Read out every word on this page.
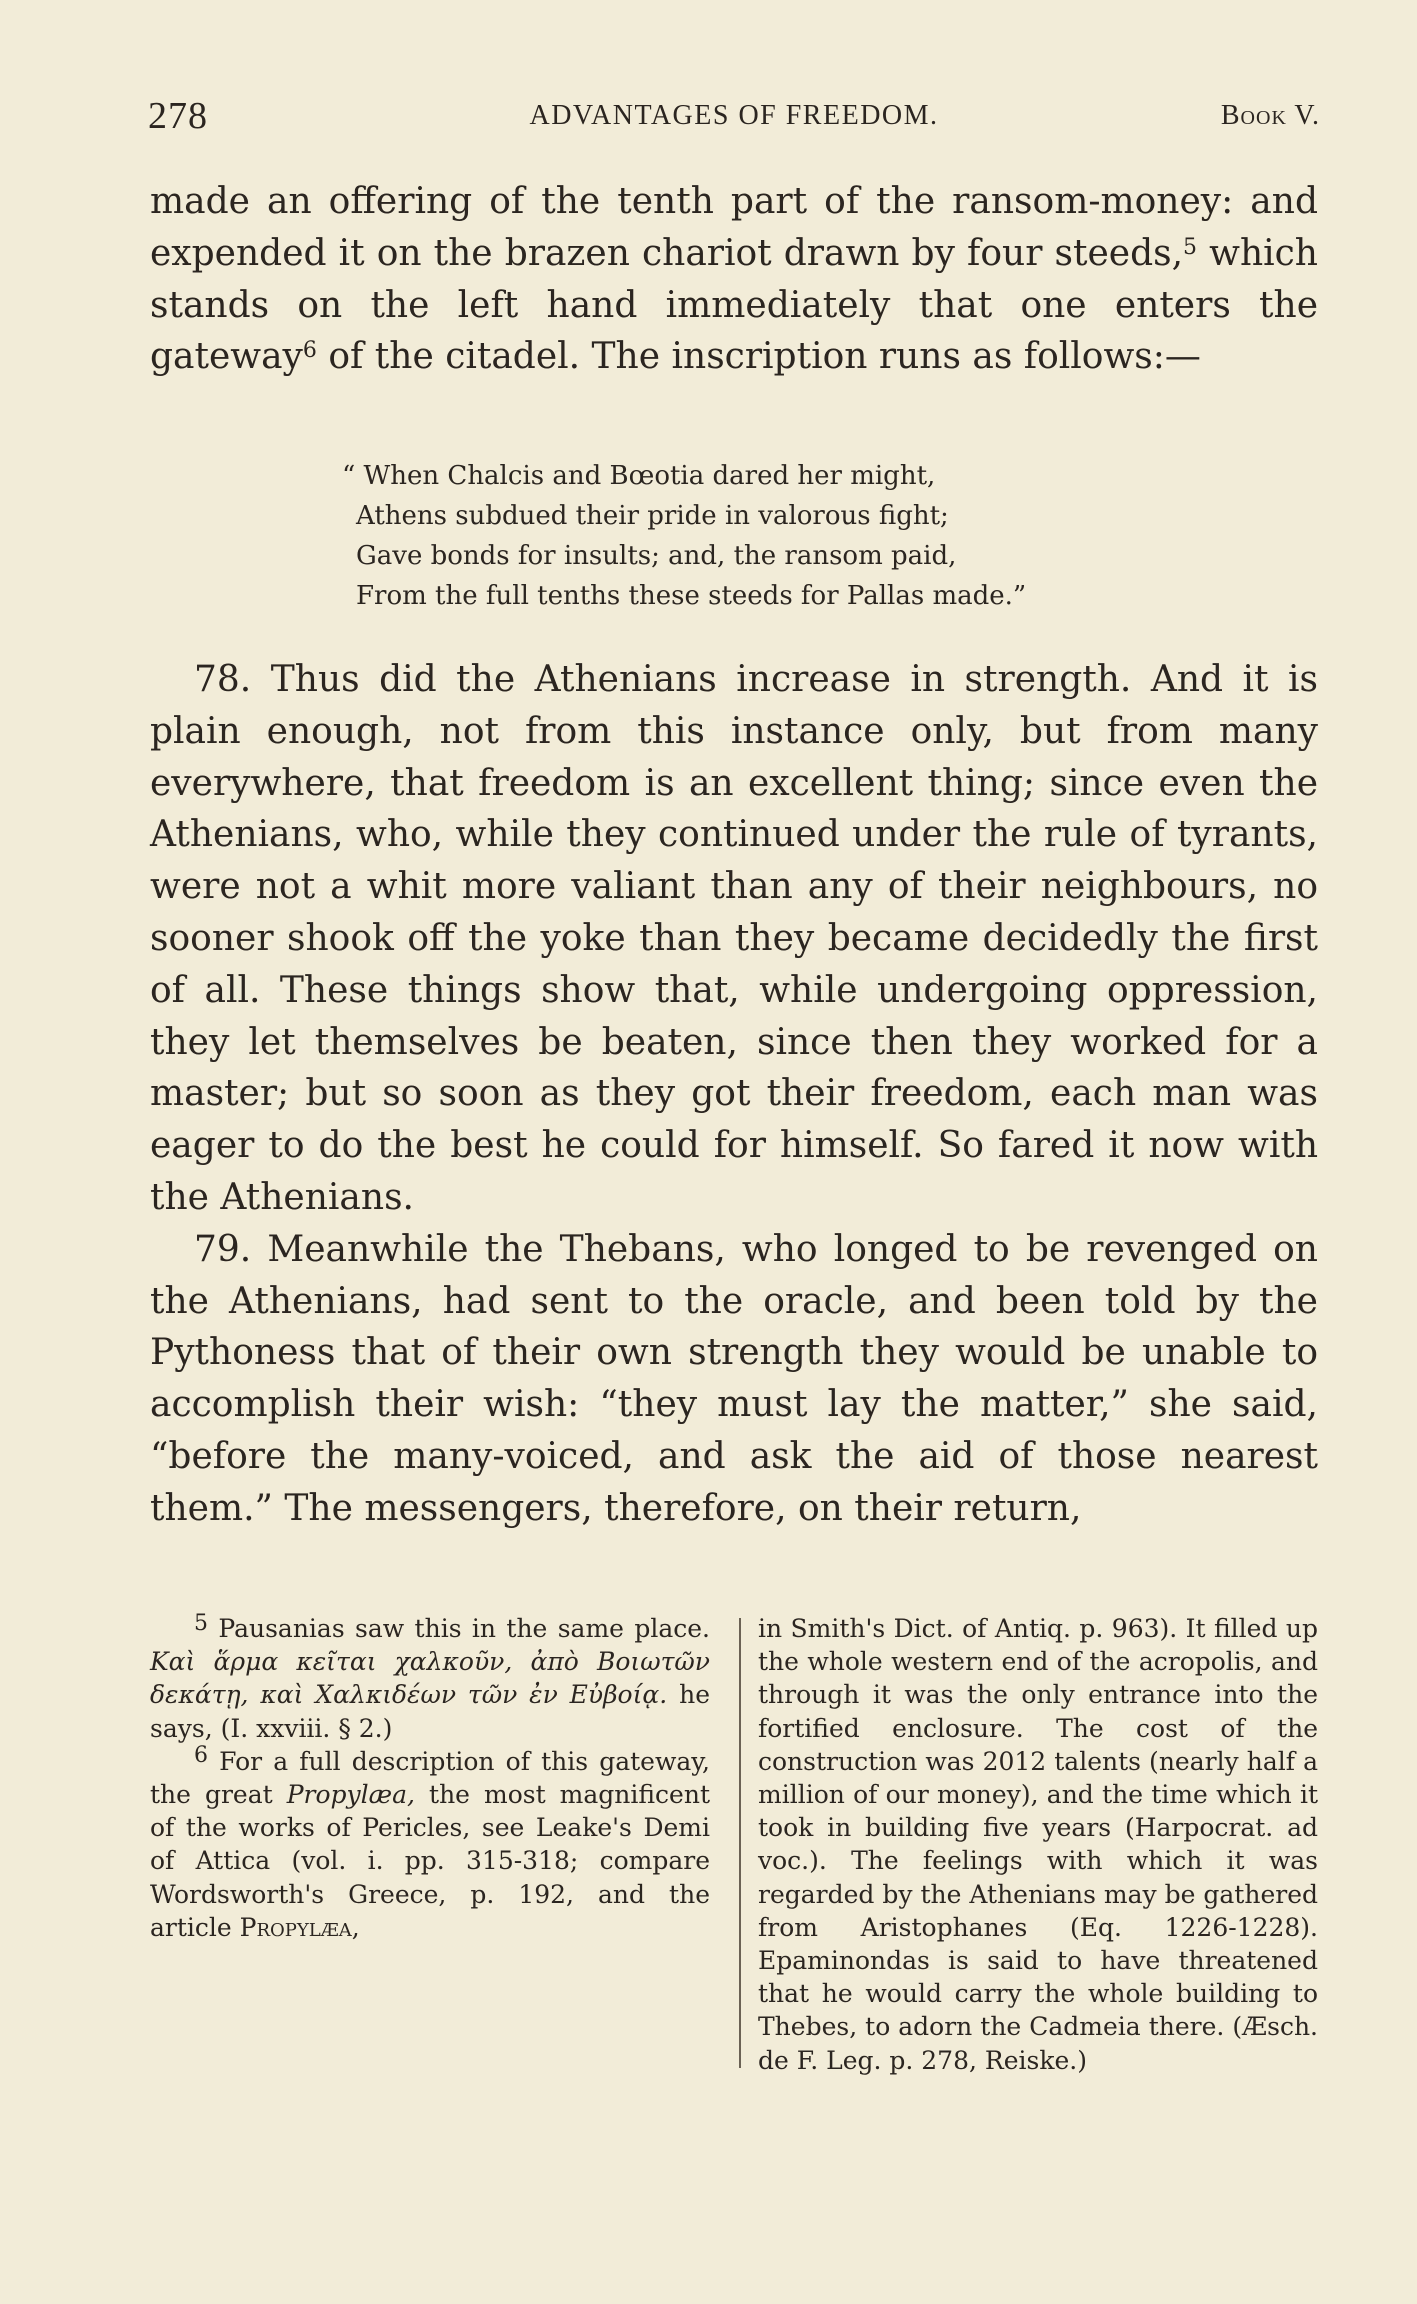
278	ADVANTAGES OF FREEDOM.	Book V.

made an offering of the tenth part of the ransom-money: and expended it on the brazen chariot drawn by four steeds,$^5$ which stands on the left hand immediately that one enters the gateway$^6$ of the citadel. The inscription runs as follows:—

“ When Chalcis and Bœotia dared her might,
Athens subdued their pride in valorous fight;
Gave bonds for insults; and, the ransom paid,
From the full tenths these steeds for Pallas made.”

78. Thus did the Athenians increase in strength. And it is plain enough, not from this instance only, but from many everywhere, that freedom is an excellent thing; since even the Athenians, who, while they continued under the rule of tyrants, were not a whit more valiant than any of their neighbours, no sooner shook off the yoke than they became decidedly the first of all. These things show that, while undergoing oppression, they let themselves be beaten, since then they worked for a master; but so soon as they got their freedom, each man was eager to do the best he could for himself. So fared it now with the Athenians.

79. Meanwhile the Thebans, who longed to be revenged on the Athenians, had sent to the oracle, and been told by the Pythoness that of their own strength they would be unable to accomplish their wish: “they must lay the matter,” she said, “before the many-voiced, and ask the aid of those nearest them.” The messengers, therefore, on their return,

$^5$ Pausanias saw this in the same place. Καὶ ἅρμα κεῖται χαλκοῦν, ἀπὸ Βοιωτῶν δεκάτῃ, καὶ Χαλκιδέων τῶν ἐν Εὐβοίᾳ. he says, (I. xxviii. § 2.)

$^6$ For a full description of this gateway, the great Propylæa, the most magnificent of the works of Pericles, see Leake's Demi of Attica (vol. i. pp. 315-318; compare Wordsworth's Greece, p. 192, and the article Propylæa,

in Smith's Dict. of Antiq. p. 963). It filled up the whole western end of the acropolis, and through it was the only entrance into the fortified enclosure. The cost of the construction was 2012 talents (nearly half a million of our money), and the time which it took in building five years (Harpocrat. ad voc.). The feelings with which it was regarded by the Athenians may be gathered from Aristophanes (Eq. 1226-1228). Epaminondas is said to have threatened that he would carry the whole building to Thebes, to adorn the Cadmeia there. (Æsch. de F. Leg. p. 278, Reiske.)
